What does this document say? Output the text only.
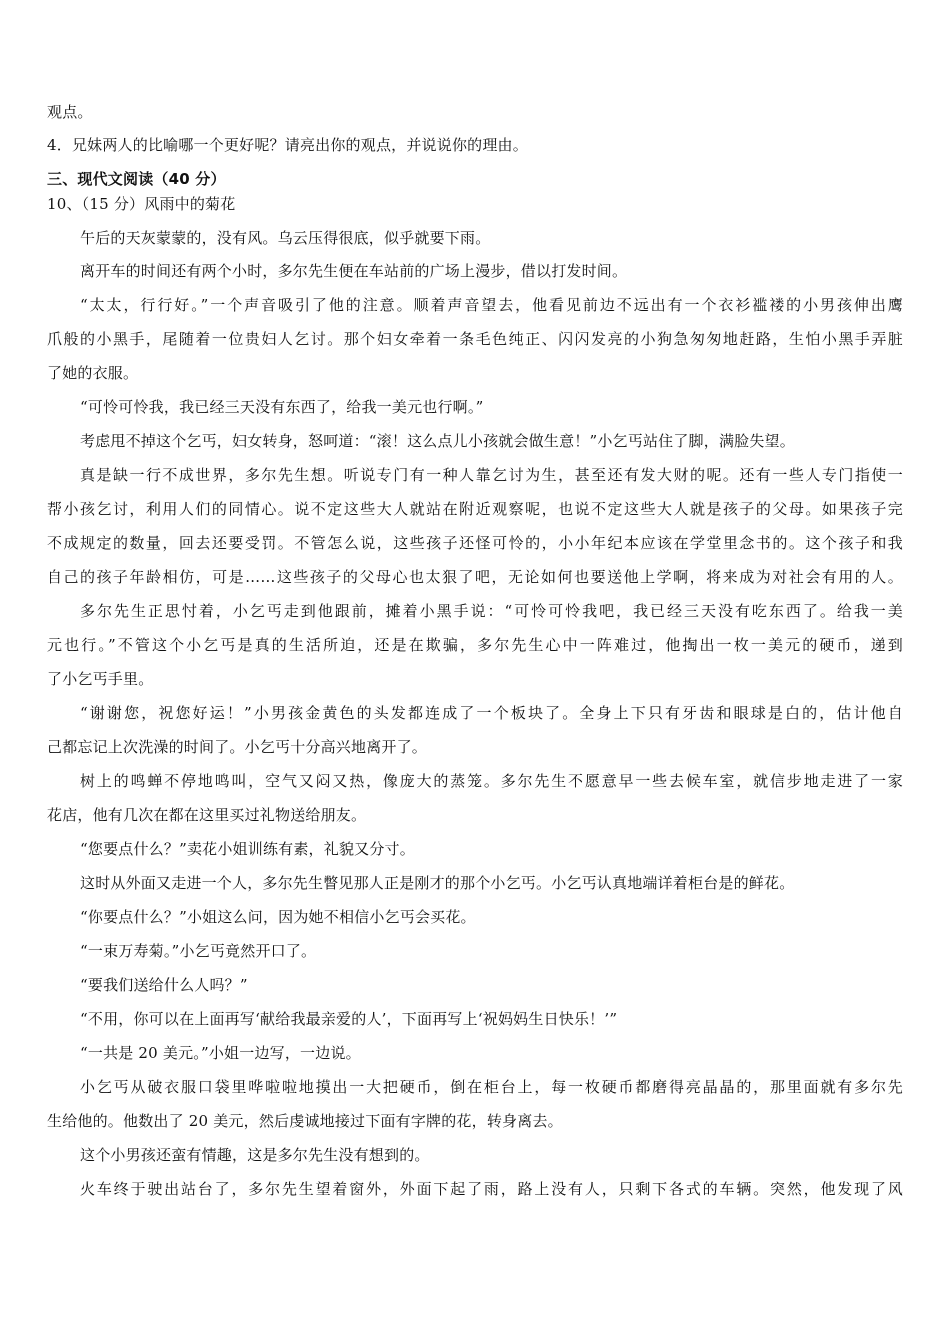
观点。
4．兄妹两人的比喻哪一个更好呢？请亮出你的观点，并说说你的理由。
三、现代文阅读（40 分）
10、（15 分）风雨中的菊花
午后的天灰蒙蒙的，没有风。乌云压得很底，似乎就要下雨。
离开车的时间还有两个小时，多尔先生便在车站前的广场上漫步，借以打发时间。
“太太，行行好。”一个声音吸引了他的注意。顺着声音望去，他看见前边不远出有一个衣衫褴褛的小男孩伸出鹰
爪般的小黑手，尾随着一位贵妇人乞讨。那个妇女牵着一条毛色纯正、闪闪发亮的小狗急匆匆地赶路，生怕小黑手弄脏
了她的衣服。
“可怜可怜我，我已经三天没有东西了，给我一美元也行啊。”
考虑甩不掉这个乞丐，妇女转身，怒呵道：“滚！这么点儿小孩就会做生意！”小乞丐站住了脚，满脸失望。
真是缺一行不成世界，多尔先生想。听说专门有一种人靠乞讨为生，甚至还有发大财的呢。还有一些人专门指使一
帮小孩乞讨，利用人们的同情心。说不定这些大人就站在附近观察呢，也说不定这些大人就是孩子的父母。如果孩子完
不成规定的数量，回去还要受罚。不管怎么说，这些孩子还怪可怜的，小小年纪本应该在学堂里念书的。这个孩子和我
自己的孩子年龄相仿，可是……这些孩子的父母心也太狠了吧，无论如何也要送他上学啊，将来成为对社会有用的人。
多尔先生正思忖着，小乞丐走到他跟前，摊着小黑手说：“可怜可怜我吧，我已经三天没有吃东西了。给我一美
元也行。”不管这个小乞丐是真的生活所迫，还是在欺骗，多尔先生心中一阵难过，他掏出一枚一美元的硬币，递到
了小乞丐手里。
“谢谢您，祝您好运！”小男孩金黄色的头发都连成了一个板块了。全身上下只有牙齿和眼球是白的，估计他自
己都忘记上次洗澡的时间了。小乞丐十分高兴地离开了。
树上的鸣蝉不停地鸣叫，空气又闷又热，像庞大的蒸笼。多尔先生不愿意早一些去候车室，就信步地走进了一家
花店，他有几次在都在这里买过礼物送给朋友。
“您要点什么？”卖花小姐训练有素，礼貌又分寸。
这时从外面又走进一个人，多尔先生瞥见那人正是刚才的那个小乞丐。小乞丐认真地端详着柜台是的鲜花。
“你要点什么？”小姐这么问，因为她不相信小乞丐会买花。
“一束万寿菊。”小乞丐竟然开口了。
“要我们送给什么人吗？”
“不用，你可以在上面再写‘献给我最亲爱的人’，下面再写上‘祝妈妈生日快乐！’”
“一共是 20 美元。”小姐一边写，一边说。
小乞丐从破衣服口袋里哗啦啦地摸出一大把硬币，倒在柜台上，每一枚硬币都磨得亮晶晶的，那里面就有多尔先
生给他的。他数出了 20 美元，然后虔诚地接过下面有字牌的花，转身离去。
这个小男孩还蛮有情趣，这是多尔先生没有想到的。
火车终于驶出站台了，多尔先生望着窗外，外面下起了雨，路上没有人，只剩下各式的车辆。突然，他发现了风
